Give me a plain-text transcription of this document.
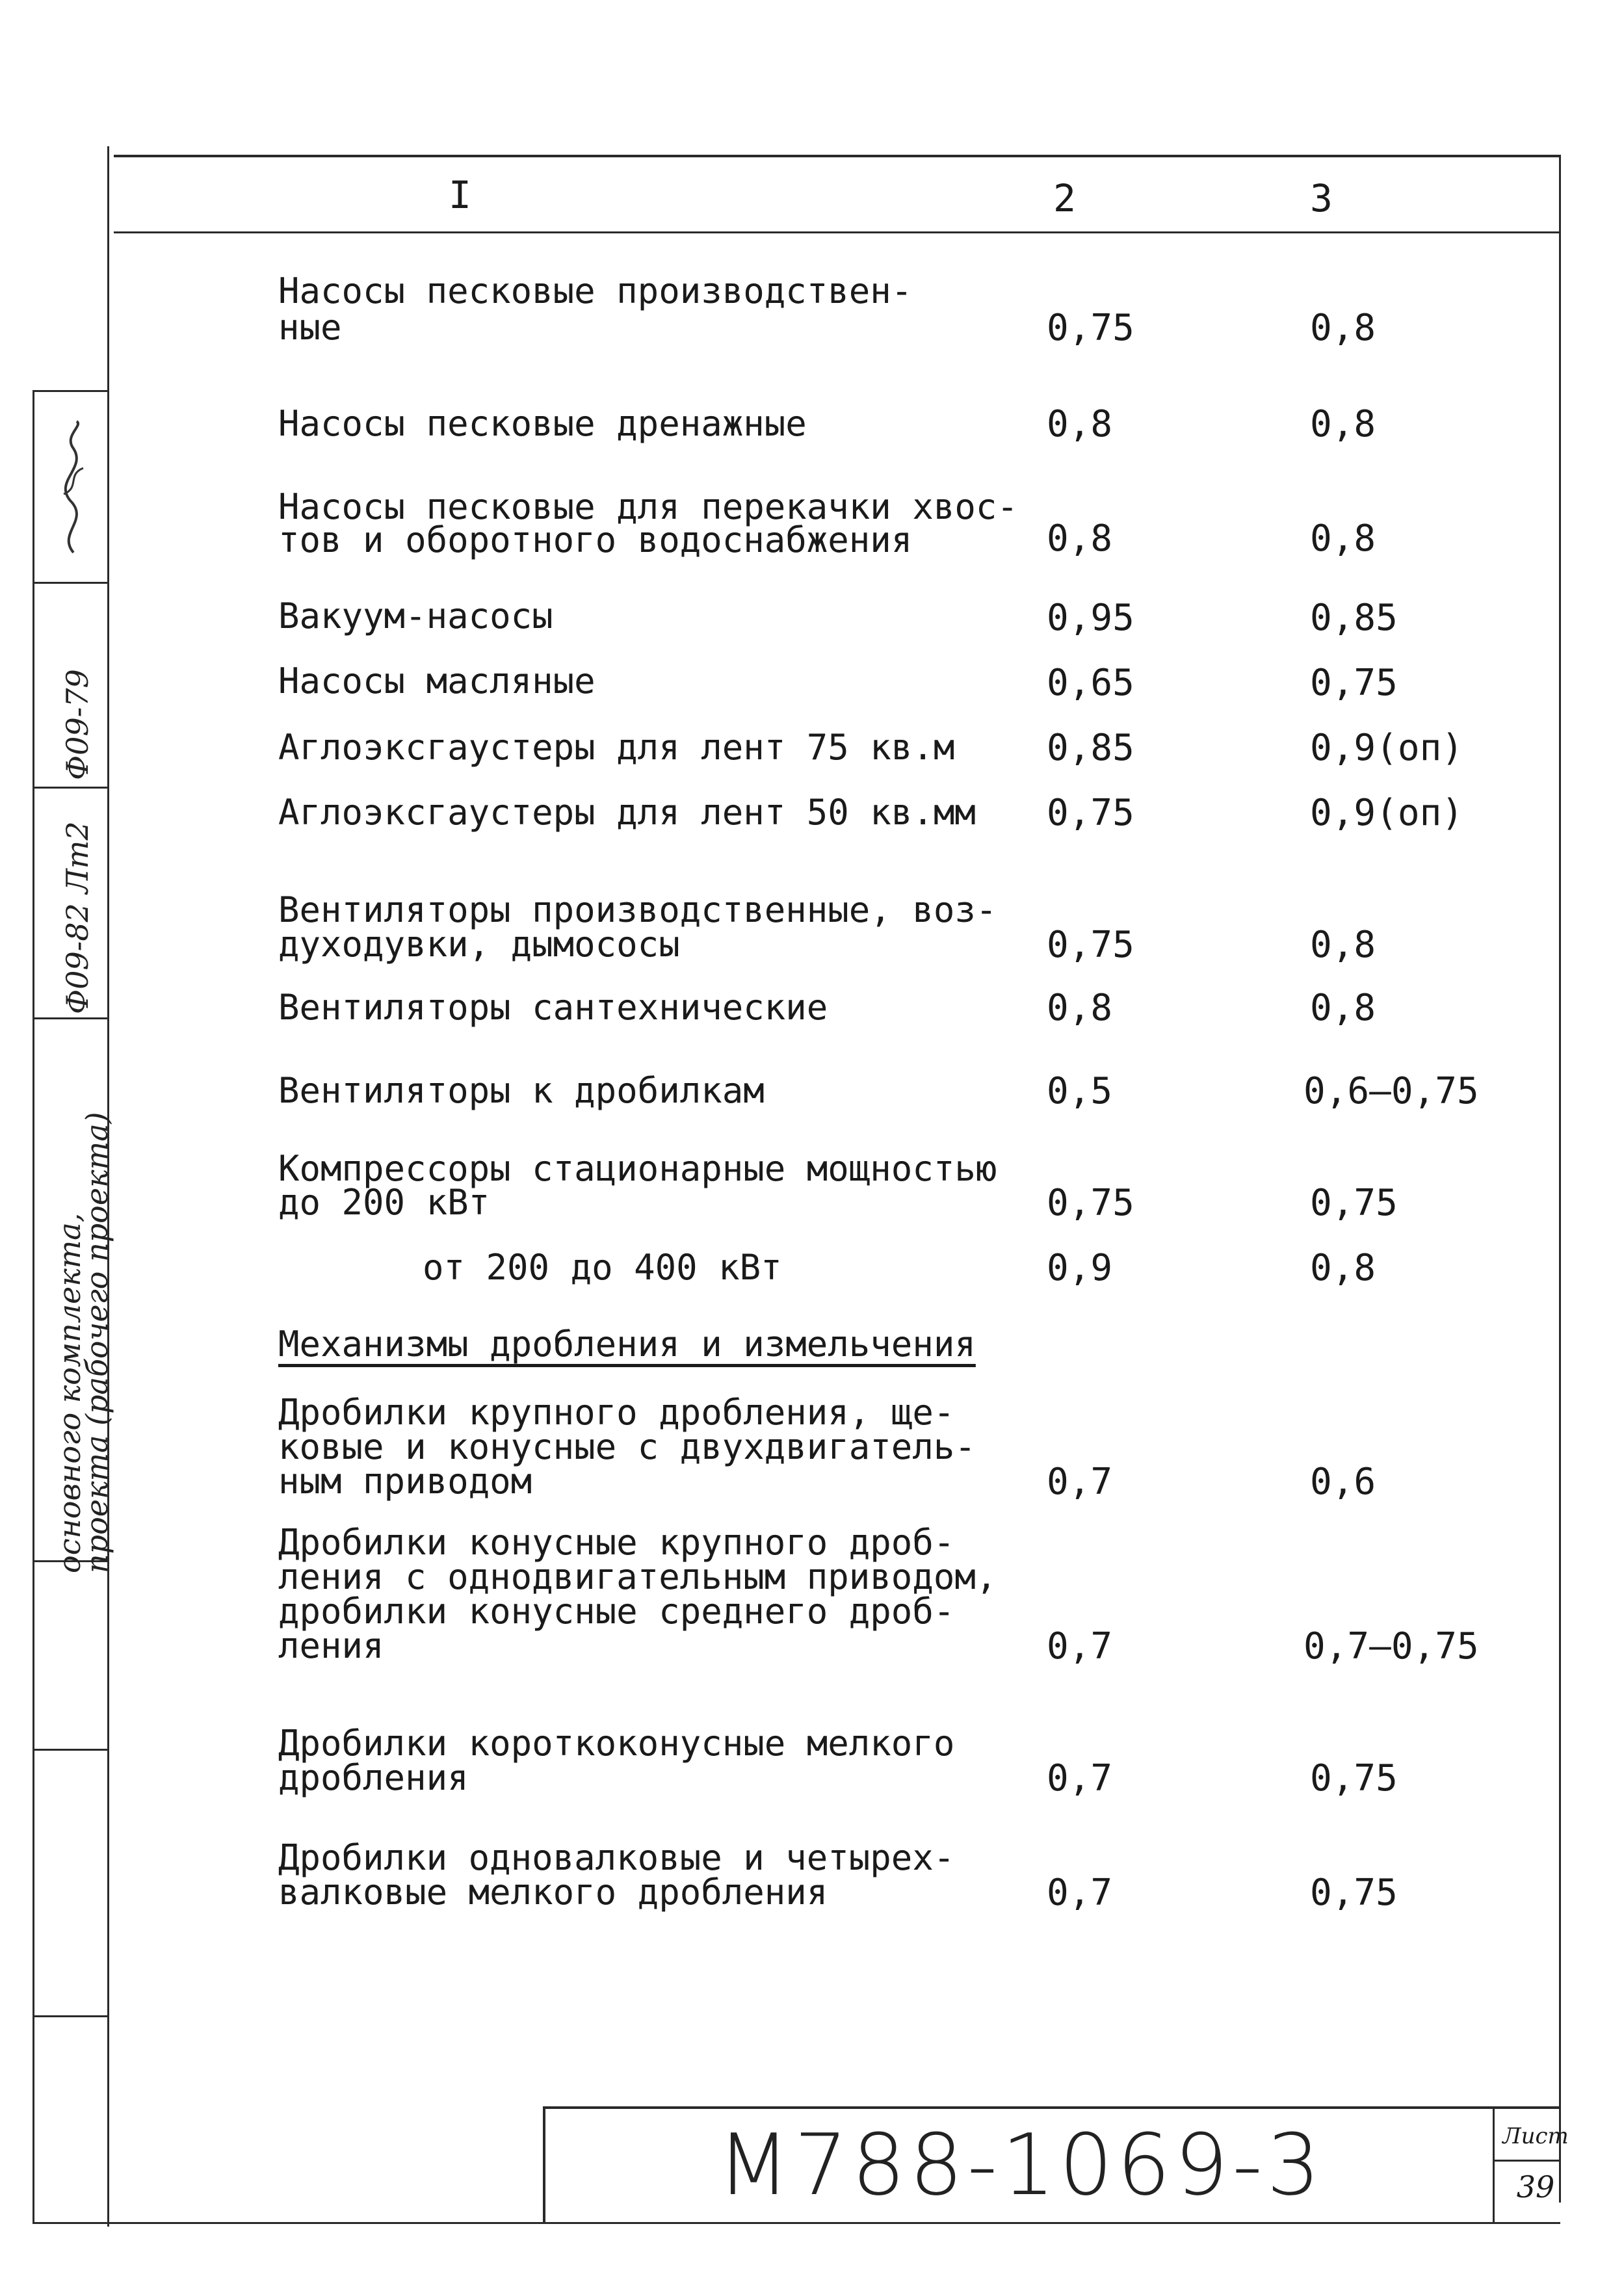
Ф09-82 Лт2
Ф09-79
основного комплекта,
проекта (рабочего проекта)
I	2	3
Насосы песковые производствен-
ные	0,75	0,8
Насосы песковые дренажные	0,8	0,8
Насосы песковые для перекачки хвос-
тов и оборотного водоснабжения	0,8	0,8
Вакуум-насосы	0,95	0,85
Насосы масляные	0,65	0,75
Аглоэксгаустеры для лент 75 кв.м	0,85	0,9(оп)
Аглоэксгаустеры для лент 50 кв.мм 0,75	0,9(оп)
Вентиляторы производственные, воз-
духодувки, дымососы	0,75	0,8
Вентиляторы сантехнические	0,8	0,8
Вентиляторы к дробилкам	0,5	0,6–0,75
Компрессоры стационарные мощностью
до 200 кВт	0,75	0,75
от 200 до 400 кВт	0,9	0,8
Механизмы дробления и измельчения
Дробилки крупного дробления, ще-
ковые и конусные с двухдвигатель-
ным приводом	0,7	0,6
Дробилки конусные крупного дроб-
ления с однодвигательным приводом,
дробилки конусные среднего дроб-
ления	0,7	0,7–0,75
Дробилки короткоконусные мелкого
дробления	0,7	0,75
Дробилки одновалковые и четырех-
валковые мелкого дробления	0,7	0,75
М788-1069-3	Лист
39
